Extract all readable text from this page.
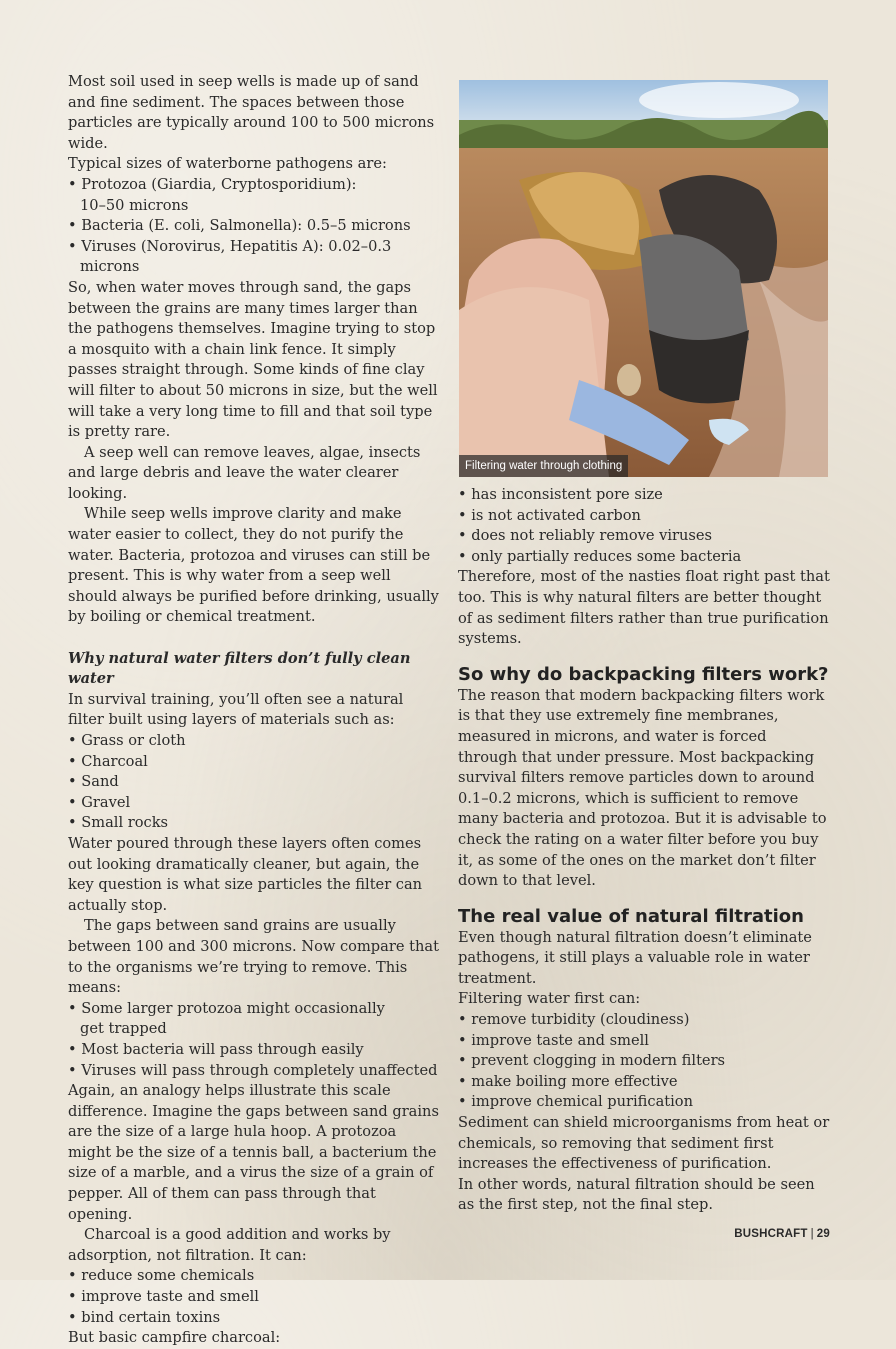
Most soil used in seep wells is made up of sand and fine sediment. The spaces between those particles are typically around 100 to 500 microns wide.

Typical sizes of waterborne pathogens are:

• Protozoa (Giardia, Cryptosporidium):

10–50 microns

• Bacteria (E. coli, Salmonella): 0.5–5 microns

• Viruses (Norovirus, Hepatitis A): 0.02–0.3 microns

So, when water moves through sand, the gaps between the grains are many times larger than the pathogens themselves. Imagine trying to stop a mosquito with a chain link fence. It simply passes straight through. Some kinds of fine clay will filter to about 50 microns in size, but the well will take a very long time to fill and that soil type is pretty rare.

A seep well can remove leaves, algae, insects and large debris and leave the water clearer looking.

While seep wells improve clarity and make water easier to collect, they do not purify the water. Bacteria, protozoa and viruses can still be present. This is why water from a seep well should always be purified before drinking, usually by boiling or chemical treatment.

Why natural water filters don’t fully clean water

In survival training, you’ll often see a natural filter built using layers of materials such as:

• Grass or cloth

• Charcoal

• Sand

• Gravel

• Small rocks

Water poured through these layers often comes out looking dramatically cleaner, but again, the key question is what size particles the filter can actually stop.

The gaps between sand grains are usually between 100 and 300 microns. Now compare that to the organisms we’re trying to remove. This means:

• Some larger protozoa might occasionally

get trapped

• Most bacteria will pass through easily

• Viruses will pass through completely unaffected

Again, an analogy helps illustrate this scale difference. Imagine the gaps between sand grains are the size of a large hula hoop. A protozoa might be the size of a tennis ball, a bacterium the size of a marble, and a virus the size of a grain of pepper. All of them can pass through that opening.

Charcoal is a good addition and works by adsorption, not filtration. It can:

• reduce some chemicals

• improve taste and smell

• bind certain toxins

But basic campfire charcoal:

Filtering water through clothing

• has inconsistent pore size

• is not activated carbon

• does not reliably remove viruses

• only partially reduces some bacteria

Therefore, most of the nasties float right past that too. This is why natural filters are better thought of as sediment filters rather than true purification systems.

So why do backpacking filters work?

The reason that modern backpacking filters work is that they use extremely fine membranes, measured in microns, and water is forced through that under pressure. Most backpacking survival filters remove particles down to around 0.1–0.2 microns, which is sufficient to remove many bacteria and protozoa. But it is advisable to check the rating on a water filter before you buy it, as some of the ones on the market don’t filter down to that level.

The real value of natural filtration

Even though natural filtration doesn’t eliminate pathogens, it still plays a valuable role in water treatment.

Filtering water first can:

• remove turbidity (cloudiness)

• improve taste and smell

• prevent clogging in modern filters

• make boiling more effective

• improve chemical purification

Sediment can shield microorganisms from heat or chemicals, so removing that sediment first increases the effectiveness of purification.

In other words, natural filtration should be seen as the first step, not the final step.

BUSHCRAFT | 29
